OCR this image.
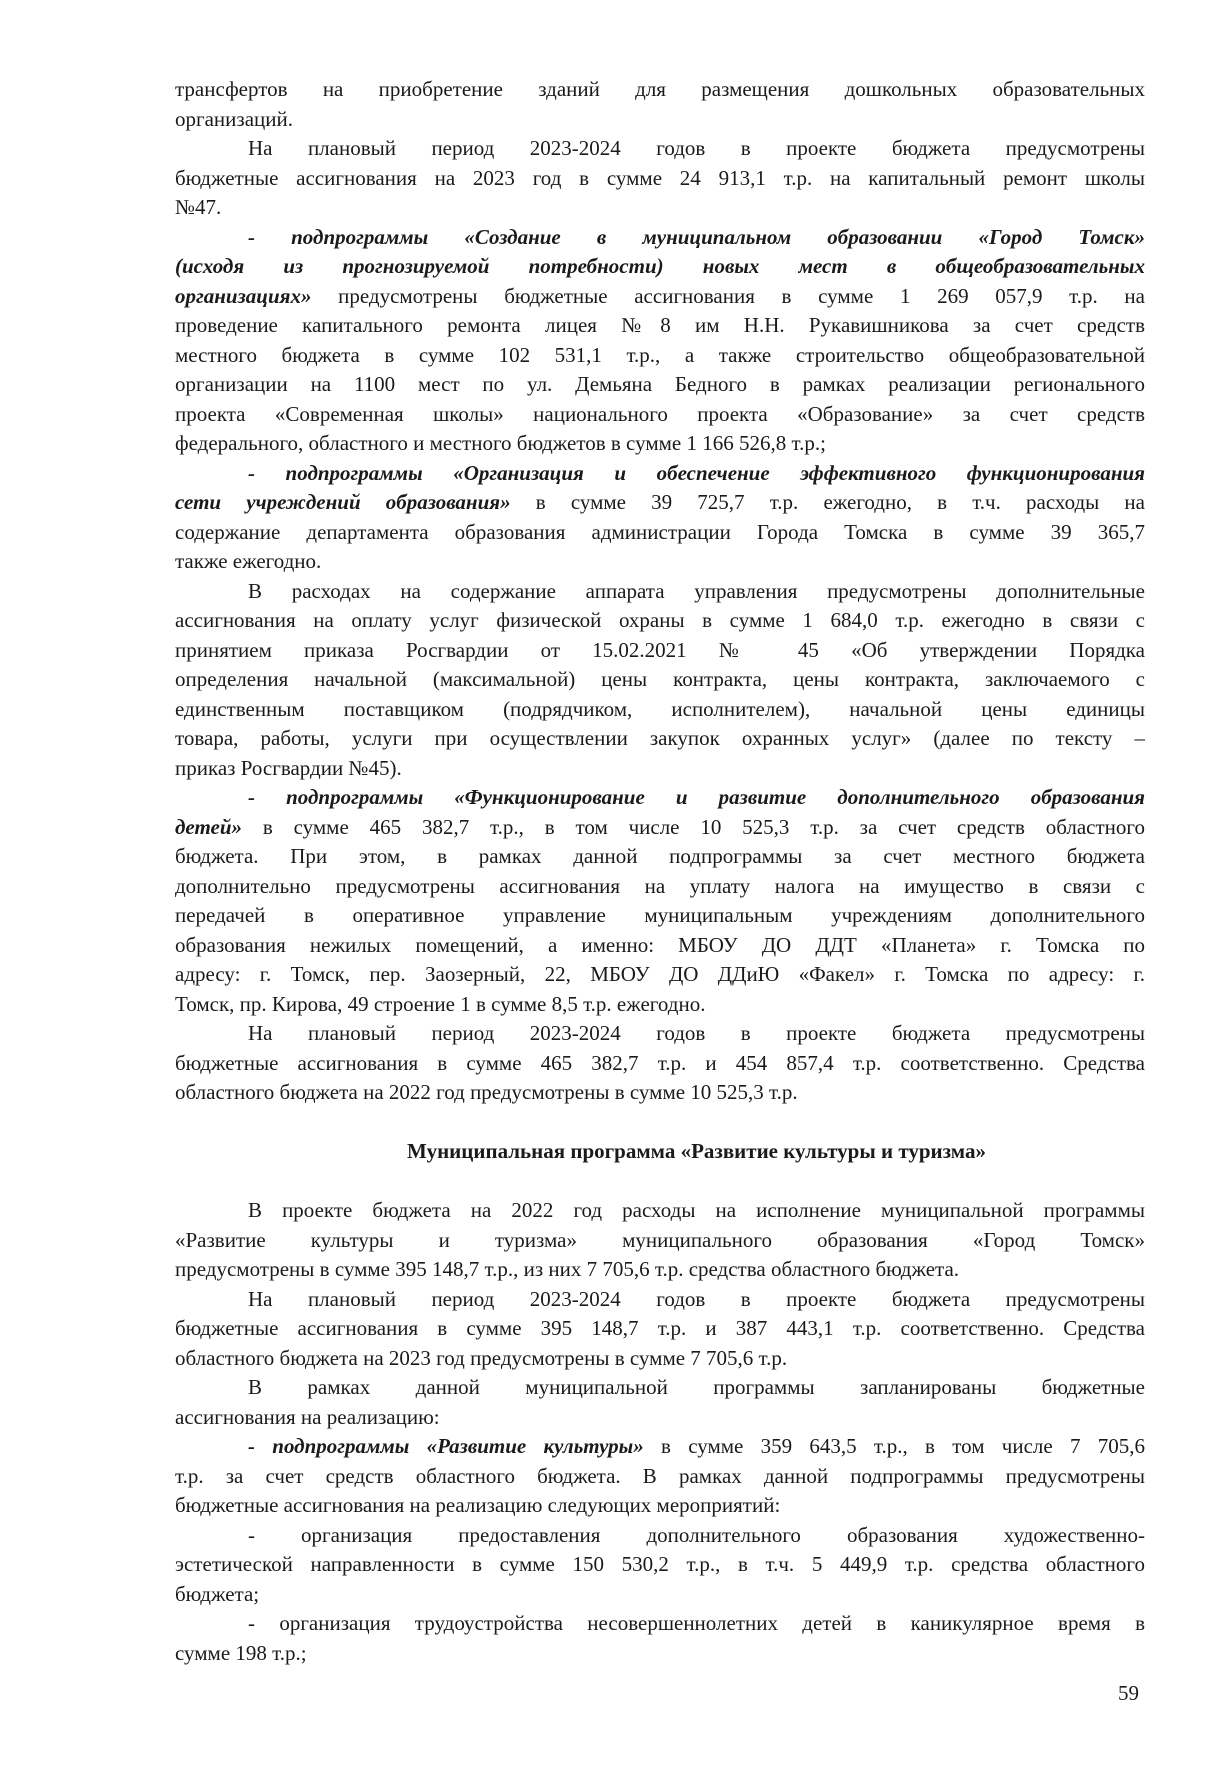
трансфертов на приобретение зданий для размещения дошкольных образовательных
организаций.
На плановый период 2023-2024 годов в проекте бюджета предусмотрены
бюджетные ассигнования на 2023 год в сумме 24 913,1 т.р. на капитальный ремонт школы
№47.
- подпрограммы «Создание в муниципальном образовании «Город Томск»
(исходя из прогнозируемой потребности) новых мест в общеобразовательных
организациях» предусмотрены бюджетные ассигнования в сумме 1 269 057,9 т.р. на
проведение капитального ремонта лицея №8 им Н.Н. Рукавишникова за счет средств
местного бюджета в сумме 102 531,1 т.р., а также строительство общеобразовательной
организации на 1100 мест по ул. Демьяна Бедного в рамках реализации регионального
проекта «Современная школы» национального проекта «Образование» за счет средств
федерального, областного и местного бюджетов в сумме 1 166 526,8 т.р.;
- подпрограммы «Организация и обеспечение эффективного функционирования
сети учреждений образования» в сумме 39 725,7 т.р. ежегодно, в т.ч. расходы на
содержание департамента образования администрации Города Томска в сумме 39 365,7
также ежегодно.
В расходах на содержание аппарата управления предусмотрены дополнительные
ассигнования на оплату услуг физической охраны в сумме 1 684,0 т.р. ежегодно в связи с
принятием приказа Росгвардии от 15.02.2021 № 45 «Об утверждении Порядка
определения начальной (максимальной) цены контракта, цены контракта, заключаемого с
единственным поставщиком (подрядчиком, исполнителем), начальной цены единицы
товара, работы, услуги при осуществлении закупок охранных услуг» (далее по тексту –
приказ Росгвардии №45).
- подпрограммы «Функционирование и развитие дополнительного образования
детей» в сумме 465 382,7 т.р., в том числе 10 525,3 т.р. за счет средств областного
бюджета. При этом, в рамках данной подпрограммы за счет местного бюджета
дополнительно предусмотрены ассигнования на уплату налога на имущество в связи с
передачей в оперативное управление муниципальным учреждениям дополнительного
образования нежилых помещений, а именно: МБОУ ДО ДДТ «Планета» г. Томска по
адресу: г. Томск, пер. Заозерный, 22, МБОУ ДО ДДиЮ «Факел» г. Томска по адресу: г.
Томск, пр. Кирова, 49 строение 1 в сумме 8,5 т.р. ежегодно.
На плановый период 2023-2024 годов в проекте бюджета предусмотрены
бюджетные ассигнования в сумме 465 382,7 т.р. и 454 857,4 т.р. соответственно. Средства
областного бюджета на 2022 год предусмотрены в сумме 10 525,3 т.р.
Муниципальная программа «Развитие культуры и туризма»
В проекте бюджета на 2022 год расходы на исполнение муниципальной программы
«Развитие культуры и туризма» муниципального образования «Город Томск»
предусмотрены в сумме 395 148,7 т.р., из них 7 705,6 т.р. средства областного бюджета.
На плановый период 2023-2024 годов в проекте бюджета предусмотрены
бюджетные ассигнования в сумме 395 148,7 т.р. и 387 443,1 т.р. соответственно. Средства
областного бюджета на 2023 год предусмотрены в сумме 7 705,6 т.р.
В рамках данной муниципальной программы запланированы бюджетные
ассигнования на реализацию:
- подпрограммы «Развитие культуры» в сумме 359 643,5 т.р., в том числе 7 705,6
т.р. за счет средств областного бюджета. В рамках данной подпрограммы предусмотрены
бюджетные ассигнования на реализацию следующих мероприятий:
- организация предоставления дополнительного образования художественно-
эстетической направленности в сумме 150 530,2 т.р., в т.ч. 5 449,9 т.р. средства областного
бюджета;
- организация трудоустройства несовершеннолетних детей в каникулярное время в
сумме 198 т.р.;
59
